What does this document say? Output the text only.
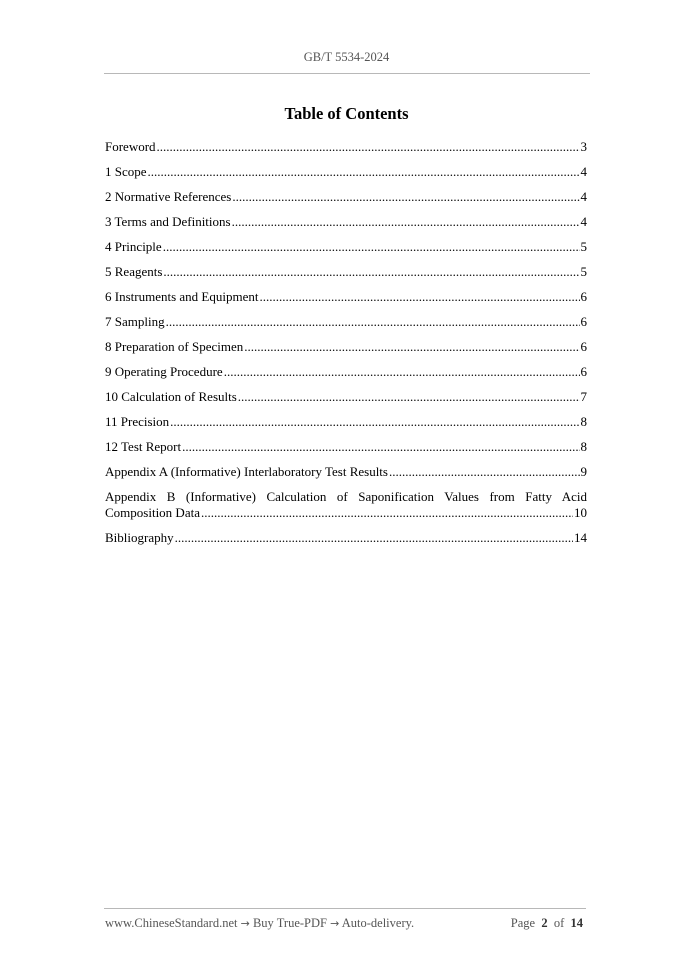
GB/T 5534-2024
Table of Contents
Foreword .....	3
1 Scope .....	4
2 Normative References .....	4
3 Terms and Definitions .....	4
4 Principle .....	5
5 Reagents .....	5
6 Instruments and Equipment .....	6
7 Sampling .....	6
8 Preparation of Specimen .....	6
9 Operating Procedure .....	6
10 Calculation of Results .....	7
11 Precision .....	8
12 Test Report .....	8
Appendix A (Informative) Interlaboratory Test Results .....	9
Appendix B (Informative) Calculation of Saponification Values from Fatty Acid
Composition Data .....	10
Bibliography .....	14
www.ChineseStandard.net → Buy True-PDF → Auto-delivery.	Page 2 of 14
